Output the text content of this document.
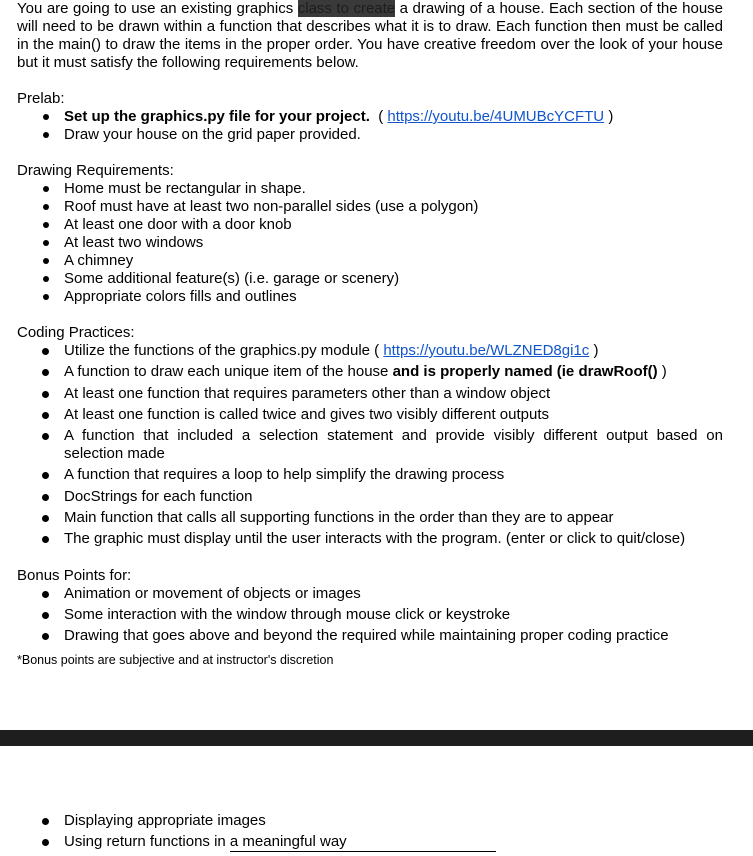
You are going to use an existing graphics class to create a drawing of a house. Each section of the house will need to be drawn within a function that describes what it is to draw. Each function then must be called in the main() to draw the items in the proper order. You have creative freedom over the look of your house but it must satisfy the following requirements below.

Prelab:

Set up the graphics.py file for your project. ( https://youtu.be/4UMUBcYCFTU )
Draw your house on the grid paper provided.

Drawing Requirements:

Home must be rectangular in shape.
Roof must have at least two non-parallel sides (use a polygon)
At least one door with a door knob
At least two windows
A chimney
Some additional feature(s) (i.e. garage or scenery)
Appropriate colors fills and outlines

Coding Practices:

Utilize the functions of the graphics.py module ( https://youtu.be/WLZNED8gi1c )
A function to draw each unique item of the house and is properly named (ie drawRoof() )
At least one function that requires parameters other than a window object
At least one function is called twice and gives two visibly different outputs
A function that included a selection statement and provide visibly different output based on selection made
A function that requires a loop to help simplify the drawing process
DocStrings for each function
Main function that calls all supporting functions in the order than they are to appear
The graphic must display until the user interacts with the program. (enter or click to quit/close)

Bonus Points for:

Animation or movement of objects or images
Some interaction with the window through mouse click or keystroke
Drawing that goes above and beyond the required while maintaining proper coding practice

*Bonus points are subjective and at instructor's discretion

Displaying appropriate images
Using return functions in a meaningful way
